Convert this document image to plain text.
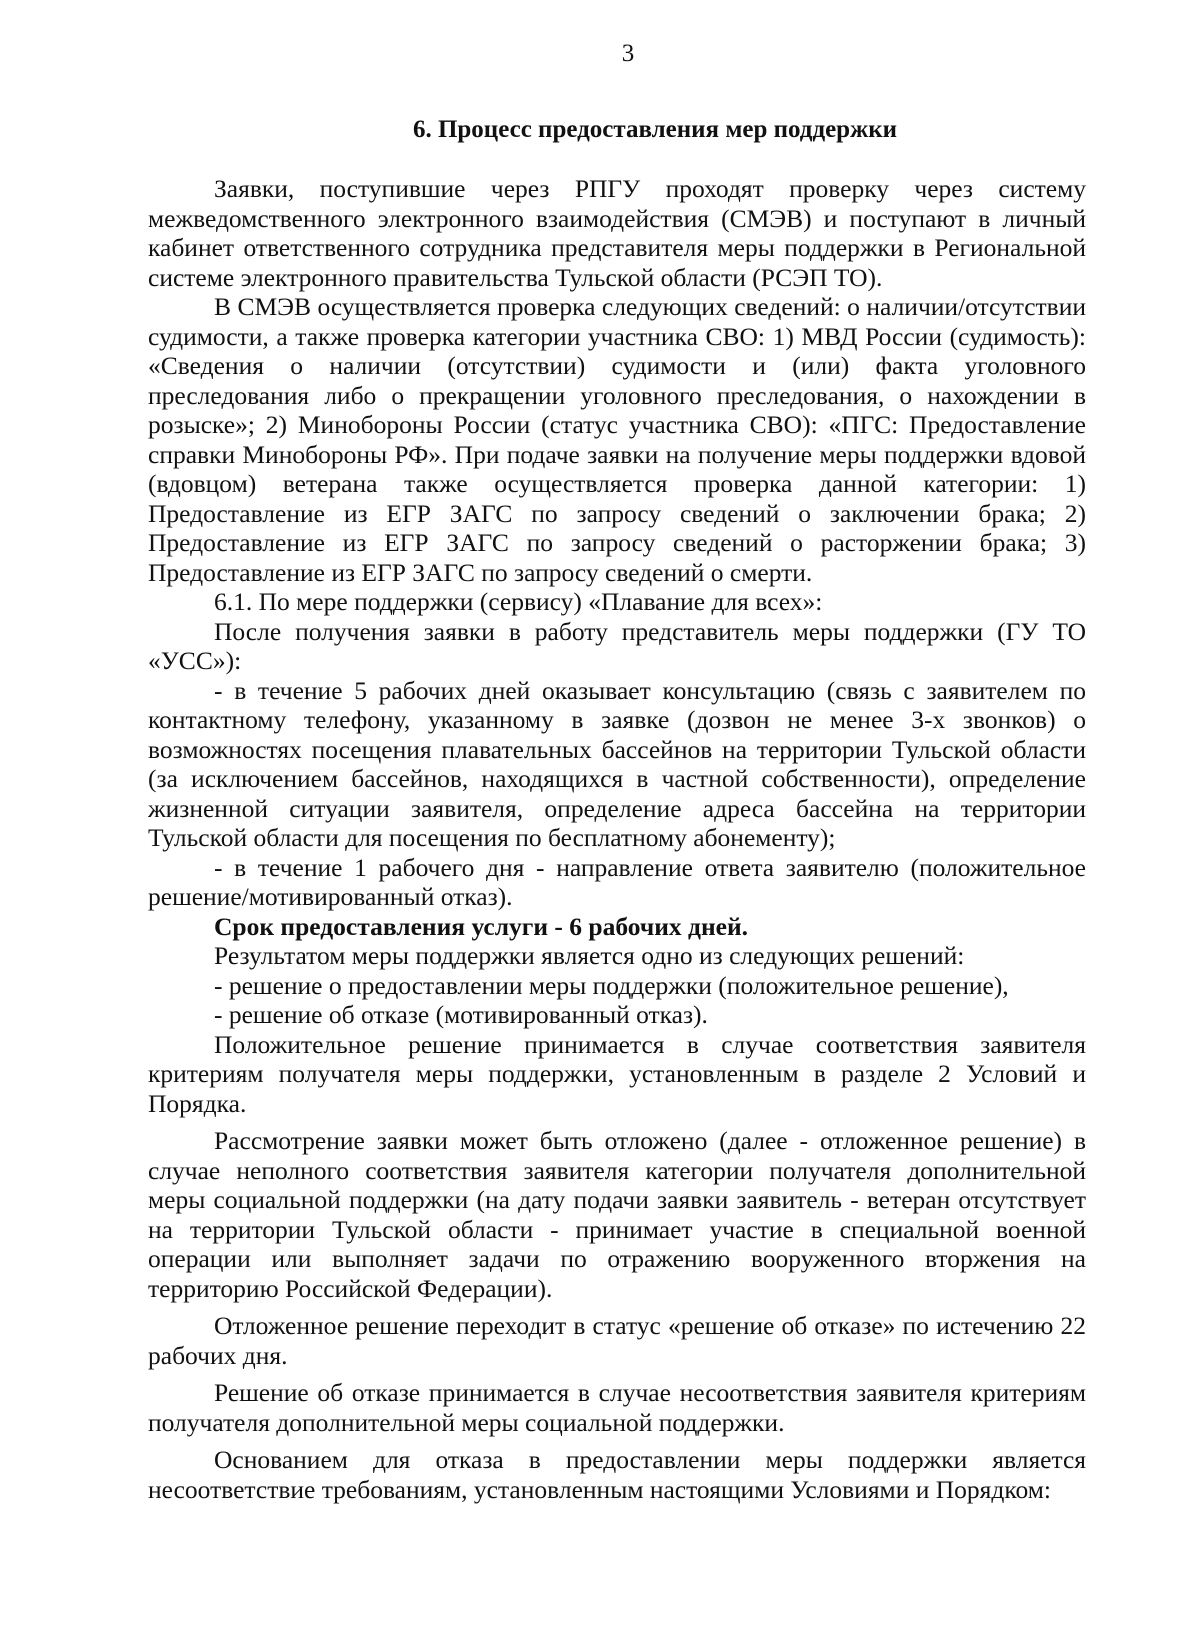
3
6. Процесс предоставления мер поддержки

Заявки, поступившие через РПГУ проходят проверку через систему межведомственного электронного взаимодействия (СМЭВ) и поступают в личный кабинет ответственного сотрудника представителя меры поддержки в Региональной системе электронного правительства Тульской области (РСЭП ТО).

В СМЭВ осуществляется проверка следующих сведений: о наличии/отсутствии судимости, а также проверка категории участника СВО: 1) МВД России (судимость): «Сведения о наличии (отсутствии) судимости и (или) факта уголовного преследования либо о прекращении уголовного преследования, о нахождении в розыске»; 2) Минобороны России (статус участника СВО): «ПГС: Предоставление справки Минобороны РФ». При подаче заявки на получение меры поддержки вдовой (вдовцом) ветерана также осуществляется проверка данной категории: 1) Предоставление из ЕГР ЗАГС по запросу сведений о заключении брака; 2) Предоставление из ЕГР ЗАГС по запросу сведений о расторжении брака; 3) Предоставление из ЕГР ЗАГС по запросу сведений о смерти.

6.1. По мере поддержки (сервису) «Плавание для всех»:

После получения заявки в работу представитель меры поддержки (ГУ ТО «УСС»):

- в течение 5 рабочих дней оказывает консультацию (связь с заявителем по контактному телефону, указанному в заявке (дозвон не менее 3-х звонков) о возможностях посещения плавательных бассейнов на территории Тульской области (за исключением бассейнов, находящихся в частной собственности), определение жизненной ситуации заявителя, определение адреса бассейна на территории Тульской области для посещения по бесплатному абонементу);

- в течение 1 рабочего дня - направление ответа заявителю (положительное решение/мотивированный отказ).

Срок предоставления услуги - 6 рабочих дней.

Результатом меры поддержки является одно из следующих решений:

- решение о предоставлении меры поддержки (положительное решение),

- решение об отказе (мотивированный отказ).

Положительное решение принимается в случае соответствия заявителя критериям получателя меры поддержки, установленным в разделе 2 Условий и Порядка.

Рассмотрение заявки может быть отложено (далее - отложенное решение) в случае неполного соответствия заявителя категории получателя дополнительной меры социальной поддержки (на дату подачи заявки заявитель - ветеран отсутствует на территории Тульской области - принимает участие в специальной военной операции или выполняет задачи по отражению вооруженного вторжения на территорию Российской Федерации).

Отложенное решение переходит в статус «решение об отказе» по истечению 22 рабочих дня.

Решение об отказе принимается в случае несоответствия заявителя критериям получателя дополнительной меры социальной поддержки.

Основанием для отказа в предоставлении меры поддержки является несоответствие требованиям, установленным настоящими Условиями и Порядком:
